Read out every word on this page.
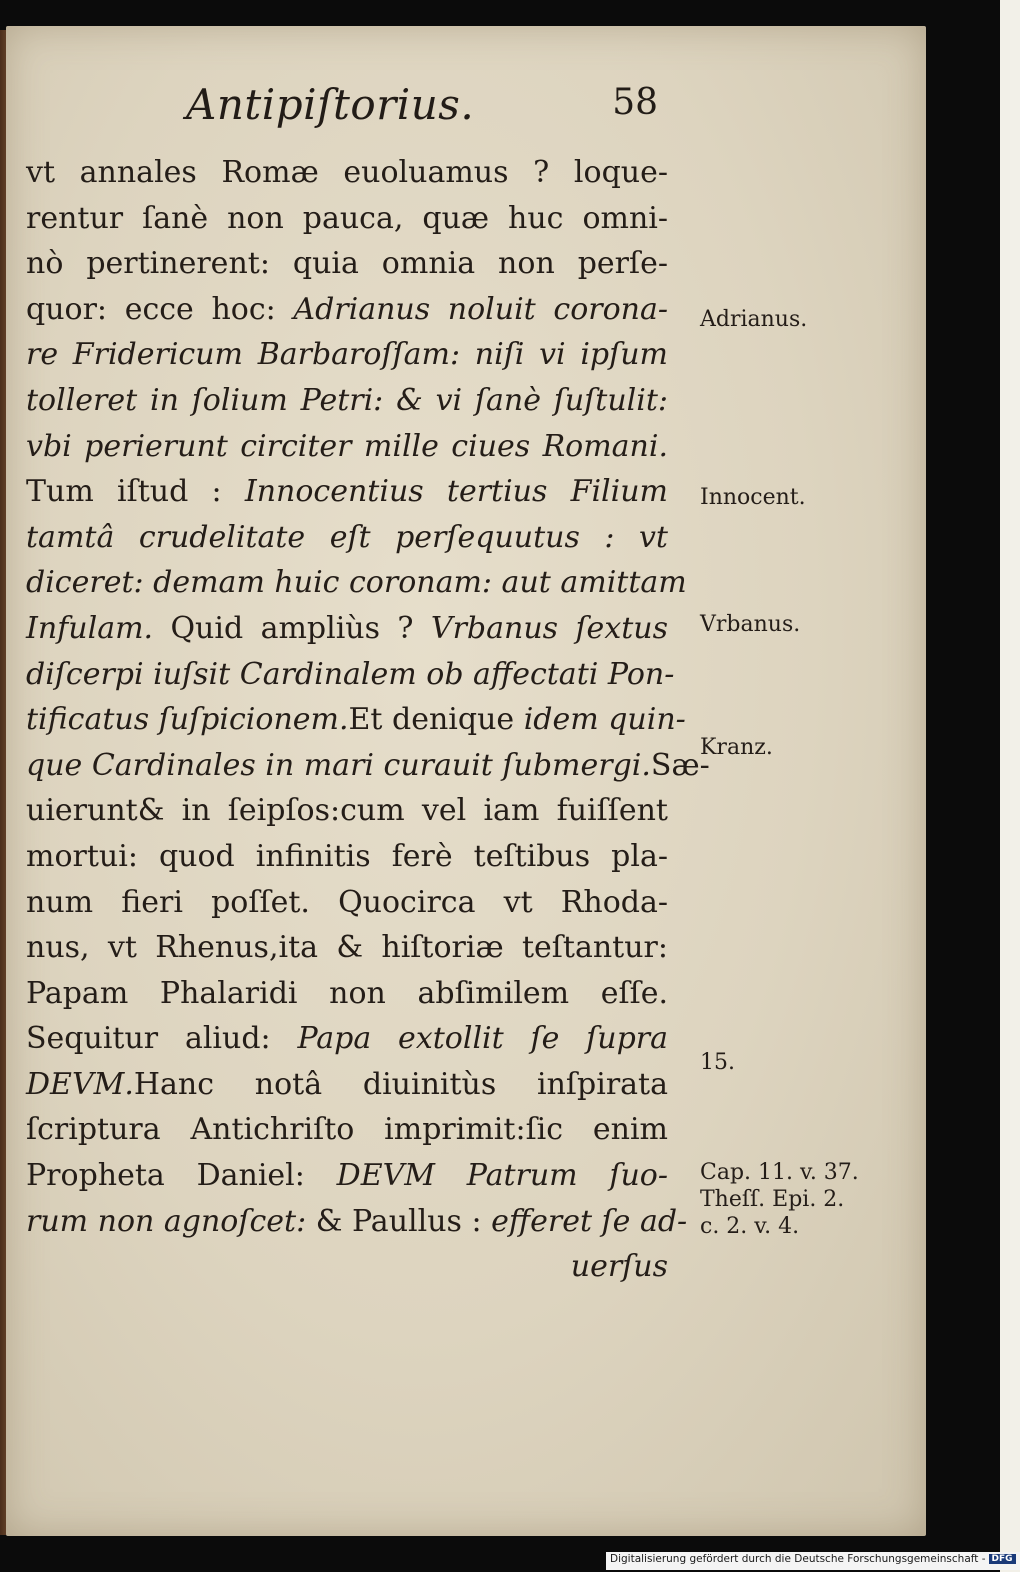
Antipiſtorius.	58
vt annales Romæ euoluamus ? loque-
rentur ſanè non pauca, quæ huc omni-
nò pertinerent: quia omnia non perſe-
quor: ecce hoc: Adrianus noluit corona-
re Fridericum Barbaroſſam: niſi vi ipſum
tolleret in ſolium Petri: & vi ſanè ſuſtulit:
vbi perierunt circiter mille ciues Romani.
Tum iſtud : Innocentius tertius Filium
tamtâ crudelitate eſt perſequutus : vt
diceret: demam huic coronam: aut amittam
Infulam. Quid ampliùs ? Vrbanus ſextus
diſcerpi iuſsit Cardinalem ob affectati Pon-
tificatus ſuſpicionem.Et denique idem quin-
que Cardinales in mari curauit ſubmergi.Sæ-
uierunt& in ſeipſos:cum vel iam fuiſſent
mortui: quod infinitis ferè teſtibus pla-
num fieri poſſet. Quocirca vt Rhoda-
nus, vt Rhenus,ita & hiſtoriæ teſtantur:
Papam Phalaridi non abſimilem eſſe.
Sequitur aliud: Papa extollit ſe ſupra
DEVM.Hanc notâ diuinitùs inſpirata
ſcriptura Antichriſto imprimit:ſic enim
Propheta Daniel: DEVM Patrum ſuo-
rum non agnoſcet: & Paullus : efferet ſe ad-
uerſus
Adrianus.
Innocent.
Vrbanus.
Kranz.
15.
Cap. 11. v. 37.
Theſſ. Epi. 2.
c. 2. v. 4.
Digitalisierung gefördert durch die Deutsche Forschungsgemeinschaft - DFG
